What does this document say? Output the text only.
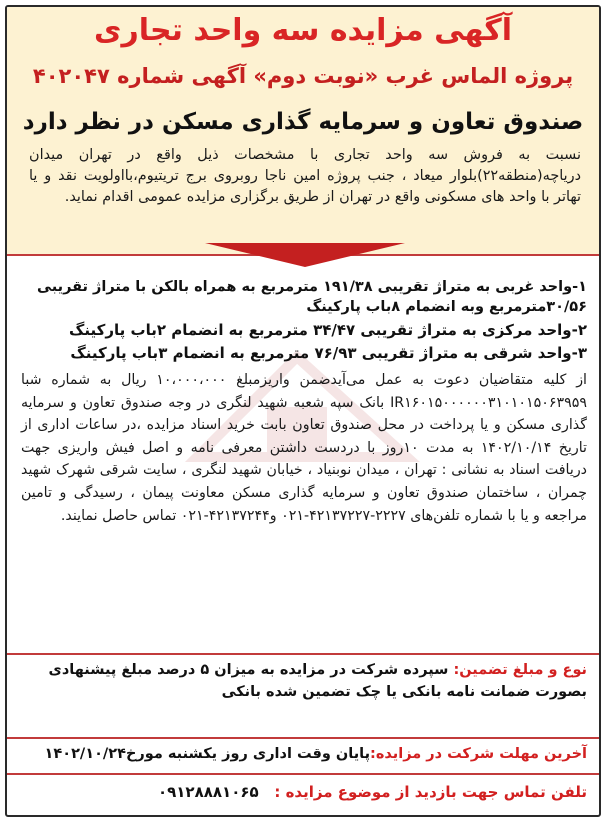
آگهی مزایده سه واحد تجاری
پروژه الماس غرب «نوبت دوم» آگهی شماره ۴۰۲۰۴۷
صندوق تعاون و سرمایه گذاری مسکن در نظر دارد
نسبت به فروش سه واحد تجاری با مشخصات ذیل واقع در تهران میدان دریاچه(منطقه۲۲)بلوار میعاد ، جنب پروژه امین ناجا روبروی برج تریتیوم،بااولویت نقد و یا تهاتر با واحد های مسکونی واقع در تهران از طریق برگزاری مزایده عمومی اقدام نماید.
۱-واحد غربی به متراژ تقریبی ۱۹۱/۳۸ مترمربع به همراه بالکن با متراژ تقریبی ۳۰/۵۶مترمربع وبه انضمام ۸باب پارکینگ
۲-واحد مرکزی به متراژ تقریبی ۳۴/۴۷ مترمربع به انضمام ۲باب پارکینگ
۳-واحد شرقی به متراژ تقریبی ۷۶/۹۳ مترمربع به انضمام ۳باب پارکینگ
از کلیه متقاضیان دعوت به عمل می‌آیدضمن واریزمبلغ ۱۰،۰۰۰،۰۰۰ ریال به شماره شبا IR۱۶۰۱۵۰۰۰۰۰۰۳۱۰۱۰۱۵۰۶۳۹۵۹ بانک سپه شعبه شهید لنگری در وجه صندوق تعاون و سرمایه گذاری مسکن و یا پرداخت در محل صندوق تعاون بابت خرید اسناد مزایده ،در ساعات اداری از تاریخ ۱۴۰۲/۱۰/۱۴ به مدت ۱۰روز با دردست داشتن معرفی نامه و اصل فیش واریزی جهت دریافت اسناد به نشانی : تهران ، میدان نوبنیاد ، خیابان شهید لنگری ، سایت شرقی شهرک شهید چمران ، ساختمان صندوق تعاون و سرمایه گذاری مسکن معاونت پیمان ، رسیدگی و تامین مراجعه و یا با شماره تلفن‌های ۲۲۲۷-۴۲۱۳۷۲۲۷-۰۲۱ و۴۲۱۳۷۲۴۴-۰۲۱ تماس حاصل نمایند.
نوع و مبلغ تضمین: سپرده شرکت در مزایده به میزان ۵ درصد مبلغ پیشنهادی بصورت ضمانت نامه بانکی یا چک تضمین شده بانکی
آخرین مهلت شرکت در مزایده:پایان وقت اداری روز یکشنبه مورخ۱۴۰۲/۱۰/۲۴
تلفن تماس جهت بازدید از موضوع مزایده :   ۰۹۱۲۸۸۸۱۰۶۵
